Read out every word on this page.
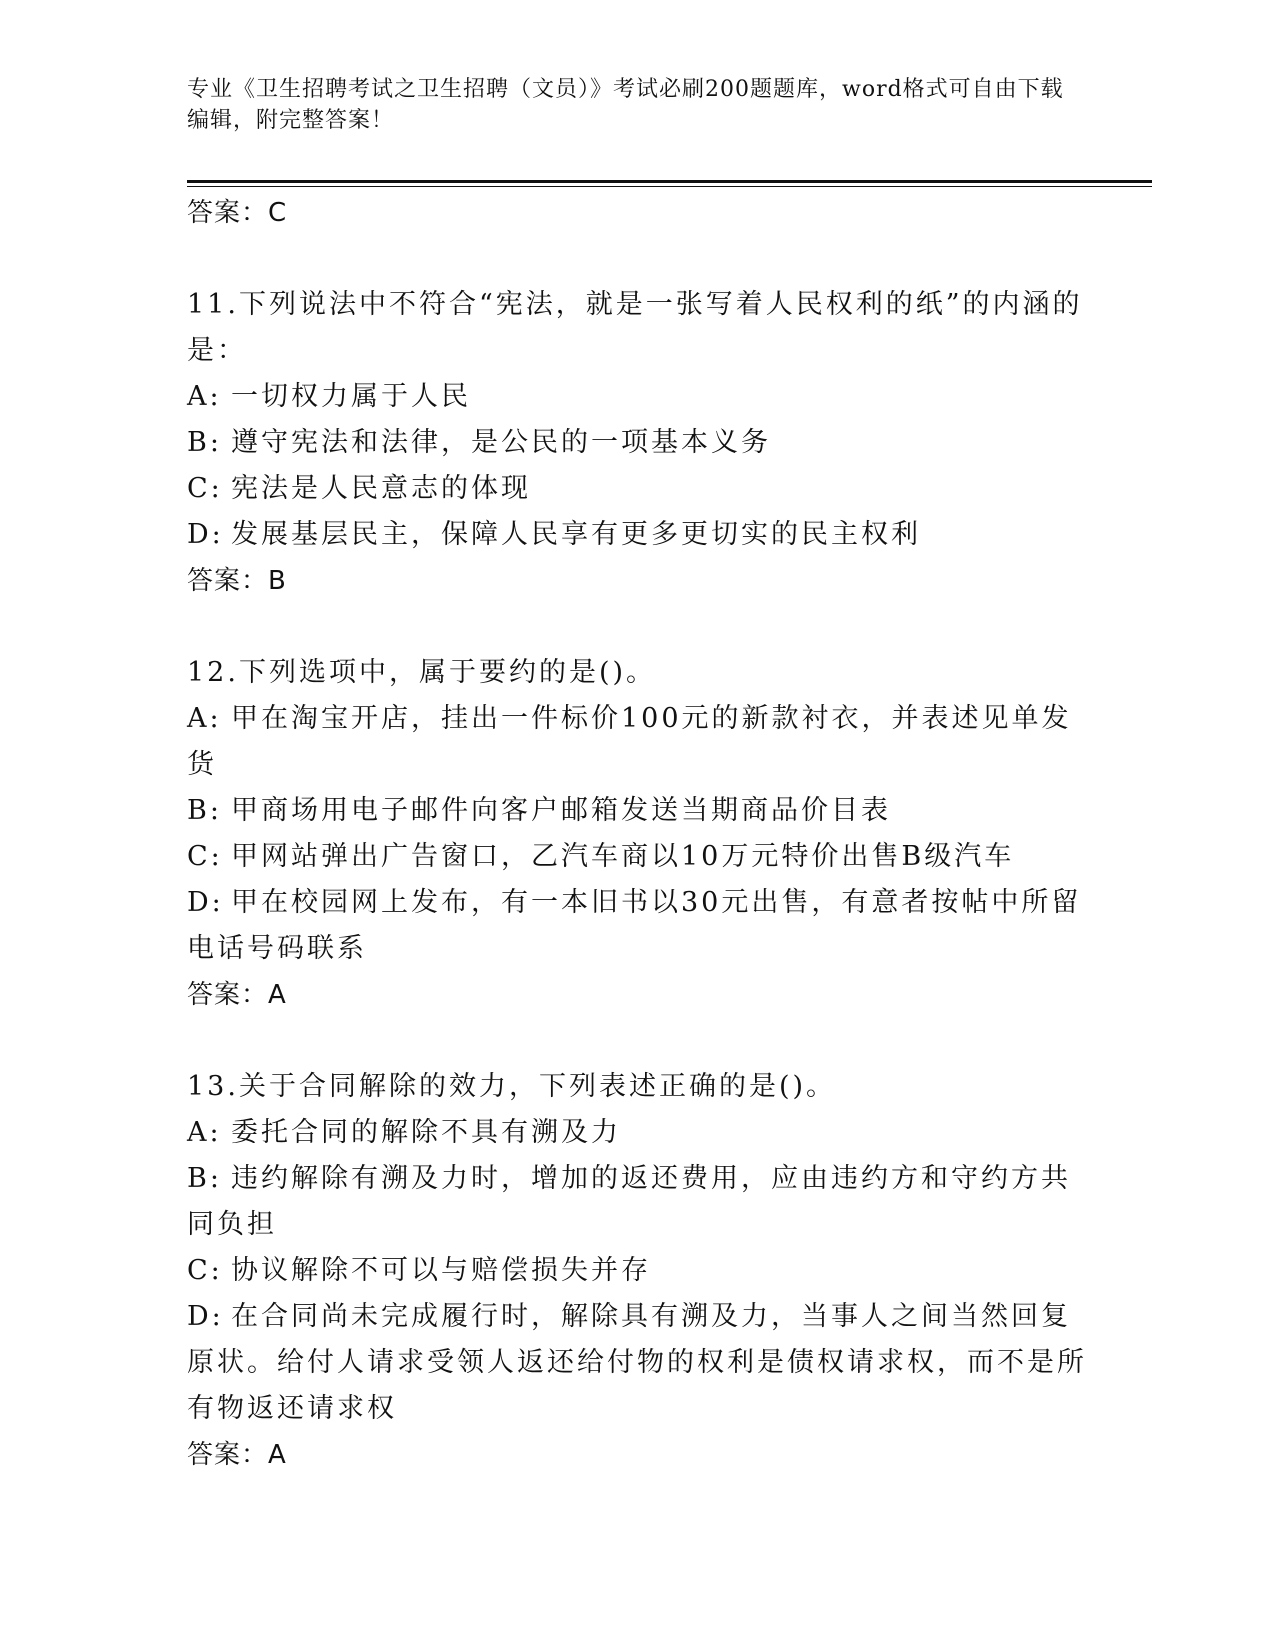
专业《卫生招聘考试之卫生招聘（文员）》考试必刷200题题库，word格式可自由下载编辑，附完整答案！
答案：C
11.下列说法中不符合“宪法，就是一张写着人民权利的纸”的内涵的是：
A: 一切权力属于人民
B: 遵守宪法和法律，是公民的一项基本义务
C: 宪法是人民意志的体现
D: 发展基层民主，保障人民享有更多更切实的民主权利
答案：B
12.下列选项中，属于要约的是()。
A: 甲在淘宝开店，挂出一件标价100元的新款衬衣，并表述见单发货
B: 甲商场用电子邮件向客户邮箱发送当期商品价目表
C: 甲网站弹出广告窗口，乙汽车商以10万元特价出售B级汽车
D: 甲在校园网上发布，有一本旧书以30元出售，有意者按帖中所留电话号码联系
答案：A
13.关于合同解除的效力，下列表述正确的是()。
A: 委托合同的解除不具有溯及力
B: 违约解除有溯及力时，增加的返还费用，应由违约方和守约方共同负担
C: 协议解除不可以与赔偿损失并存
D: 在合同尚未完成履行时，解除具有溯及力，当事人之间当然回复原状。给付人请求受领人返还给付物的权利是债权请求权，而不是所有物返还请求权
答案：A
